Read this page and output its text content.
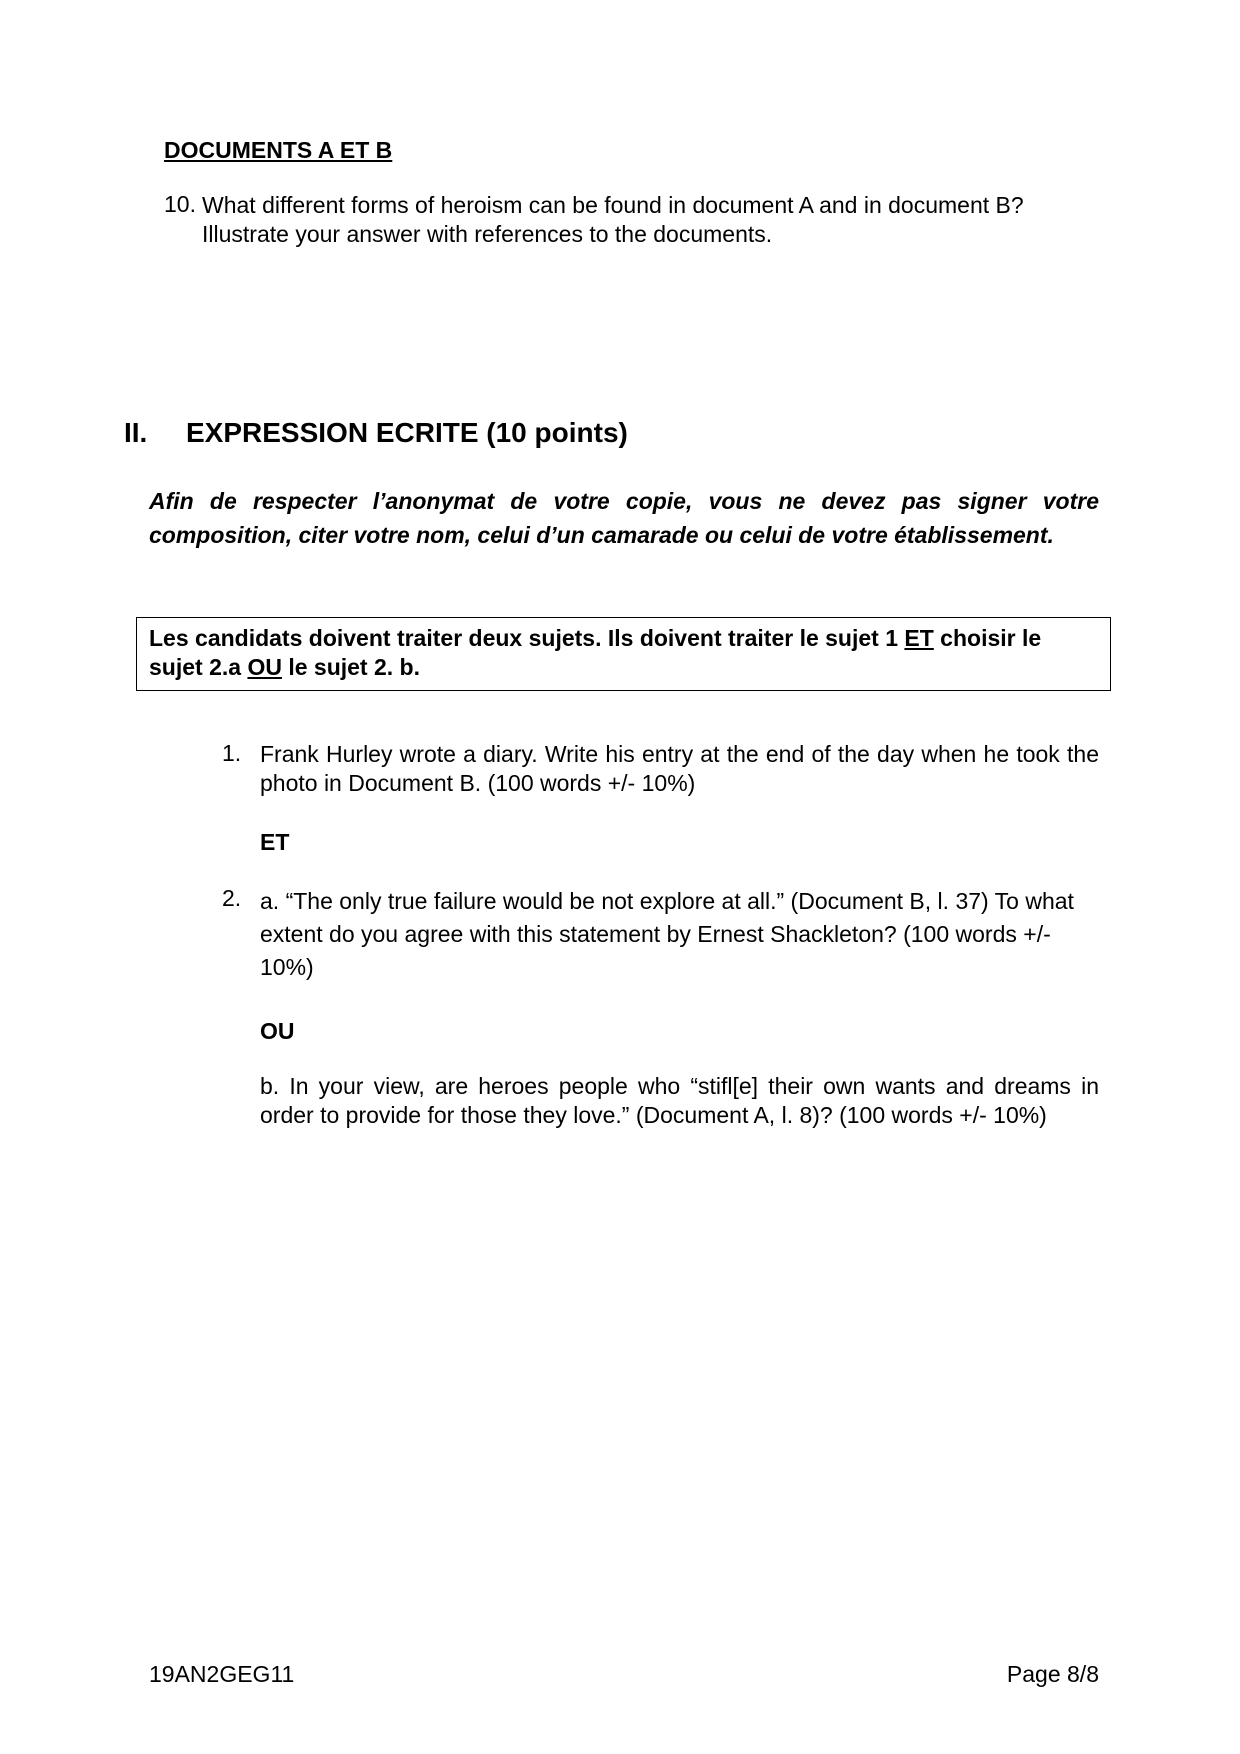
DOCUMENTS A ET B
10. What different forms of heroism can be found in document A and in document B? Illustrate your answer with references to the documents.
II. EXPRESSION ECRITE (10 points)
Afin de respecter l’anonymat de votre copie, vous ne devez pas signer votre composition, citer votre nom, celui d’un camarade ou celui de votre établissement.
Les candidats doivent traiter deux sujets. Ils doivent traiter le sujet 1 ET choisir le sujet 2.a OU le sujet 2. b.
1. Frank Hurley wrote a diary. Write his entry at the end of the day when he took the photo in Document B. (100 words +/- 10%)
ET
2. a. “The only true failure would be not explore at all.” (Document B, l. 37) To what extent do you agree with this statement by Ernest Shackleton? (100 words +/- 10%)
OU
b. In your view, are heroes people who “stifl[e] their own wants and dreams in order to provide for those they love.” (Document A, l. 8)? (100 words +/- 10%)
19AN2GEG11	Page 8/8
